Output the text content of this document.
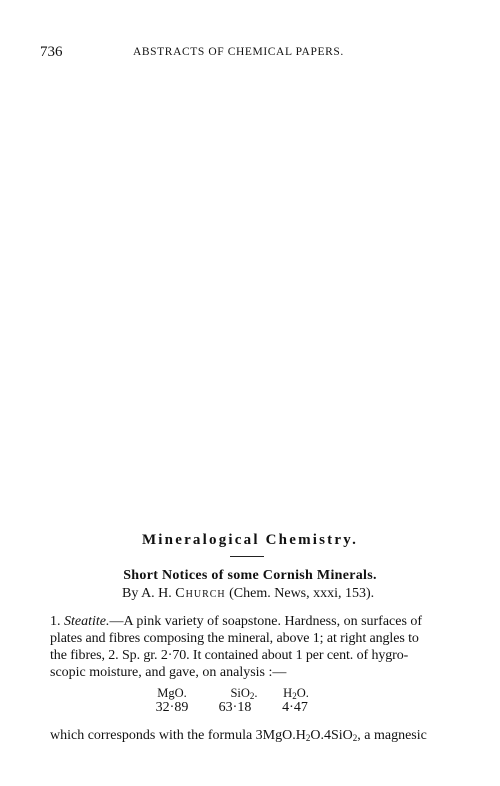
736	ABSTRACTS OF CHEMICAL PAPERS.
Mineralogical Chemistry.
Short Notices of some Cornish Minerals.
By A. H. Church (Chem. News, xxxi, 153).
1. Steatite.—A pink variety of soapstone. Hardness, on surfaces of
plates and fibres composing the mineral, above 1; at right angles to
the fibres, 2. Sp. gr. 2·70. It contained about 1 per cent. of hygro-
scopic moisture, and gave, on analysis :—
MgO.	SiO$_2$.	$H_2O$.
32·89	63·18	4·47
which corresponds with the formula $3MgO.H_2O.4SiO_2$, a magnesic
